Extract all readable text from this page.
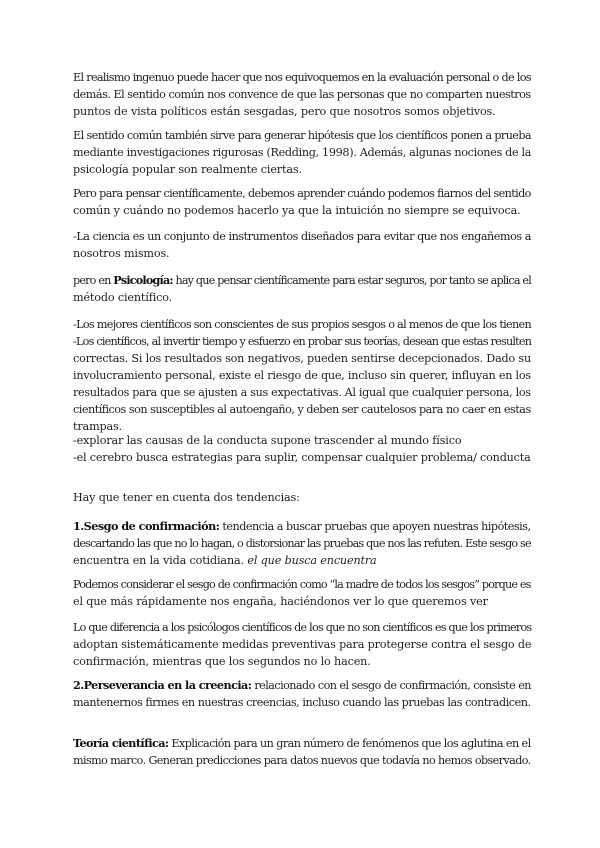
El realismo ingenuo puede hacer que nos equivoquemos en la evaluación personal o de los
demás. El sentido común nos convence de que las personas que no comparten nuestros
puntos de vista políticos están sesgadas, pero que nosotros somos objetivos.

El sentido común también sirve para generar hipótesis que los científicos ponen a prueba
mediante investigaciones rigurosas (Redding, 1998). Además, algunas nociones de la
psicología popular son realmente ciertas.

Pero para pensar científicamente, debemos aprender cuándo podemos fiarnos del sentido
común y cuándo no podemos hacerlo ya que la intuición no siempre se equivoca.

-La ciencia es un conjunto de instrumentos diseñados para evitar que nos engañemos a
nosotros mismos.

pero en Psicología: hay que pensar científicamente para estar seguros, por tanto se aplica el
método científico.

-Los mejores científicos son conscientes de sus propios sesgos o al menos de que los tienen
-Los científicos, al invertir tiempo y esfuerzo en probar sus teorías, desean que estas resulten
correctas. Si los resultados son negativos, pueden sentirse decepcionados. Dado su
involucramiento personal, existe el riesgo de que, incluso sin querer, influyan en los
resultados para que se ajusten a sus expectativas. Al igual que cualquier persona, los
científicos son susceptibles al autoengaño, y deben ser cautelosos para no caer en estas
trampas.

-explorar las causas de la conducta supone trascender al mundo físico
-el cerebro busca estrategias para suplir, compensar cualquier problema/ conducta

Hay que tener en cuenta dos tendencias:

1.Sesgo de confirmación: tendencia a buscar pruebas que apoyen nuestras hipótesis,
descartando las que no lo hagan, o distorsionar las pruebas que nos las refuten. Este sesgo se
encuentra en la vida cotidiana. el que busca encuentra

Podemos considerar el sesgo de confirmación como “la madre de todos los sesgos” porque es
el que más rápidamente nos engaña, haciéndonos ver lo que queremos ver

Lo que diferencia a los psicólogos científicos de los que no son científicos es que los primeros
adoptan sistemáticamente medidas preventivas para protegerse contra el sesgo de
confirmación, mientras que los segundos no lo hacen.

2.Perseverancia en la creencia: relacionado con el sesgo de confirmación, consiste en
mantenernos firmes en nuestras creencias, incluso cuando las pruebas las contradicen.

Teoría científica: Explicación para un gran número de fenómenos que los aglutina en el
mismo marco. Generan predicciones para datos nuevos que todavía no hemos observado.
